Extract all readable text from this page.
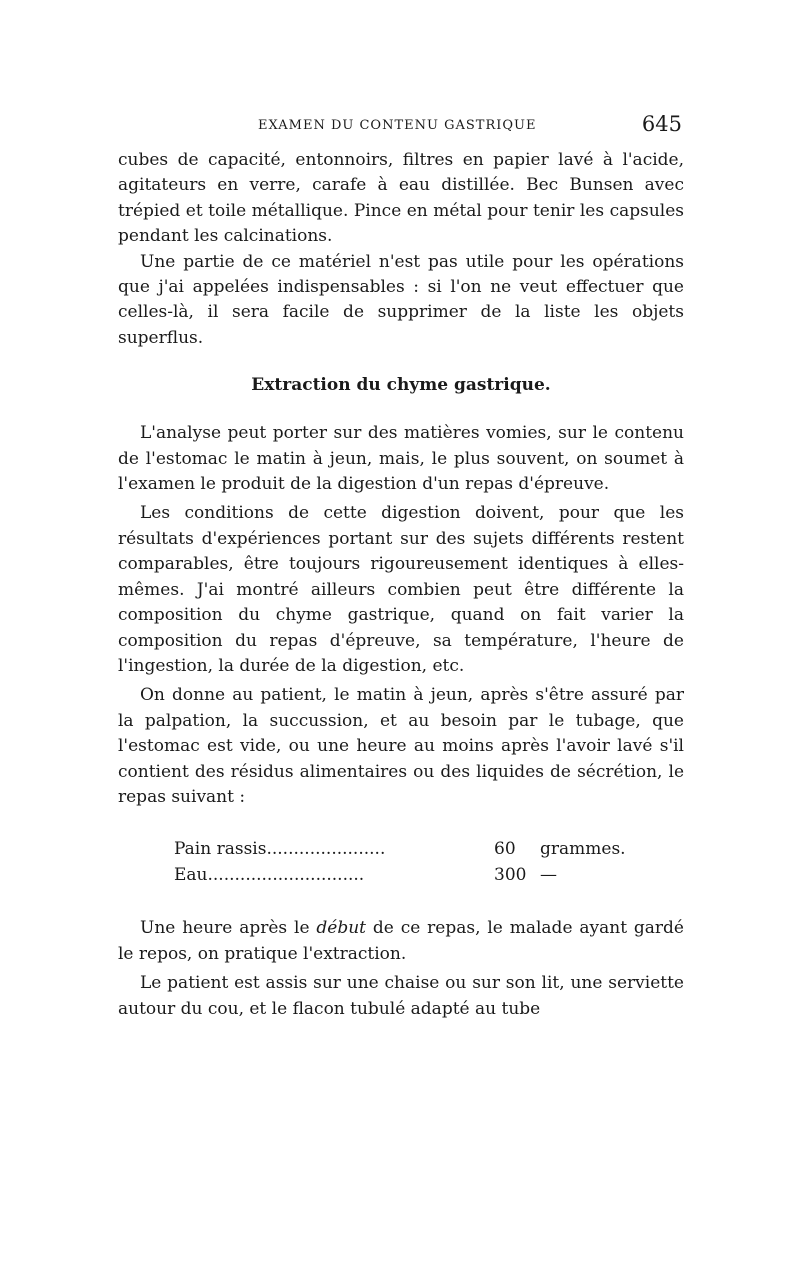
EXAMEN DU CONTENU GASTRIQUE	645

cubes de capacité, entonnoirs, filtres en papier lavé à l'acide, agitateurs en verre, carafe à eau distillée. Bec Bunsen avec trépied et toile métallique. Pince en métal pour tenir les capsules pendant les calcinations.

Une partie de ce matériel n'est pas utile pour les opérations que j'ai appelées indispensables : si l'on ne veut effectuer que celles-là, il sera facile de supprimer de la liste les objets superflus.

Extraction du chyme gastrique.

L'analyse peut porter sur des matières vomies, sur le contenu de l'estomac le matin à jeun, mais, le plus souvent, on soumet à l'examen le produit de la digestion d'un repas d'épreuve.

Les conditions de cette digestion doivent, pour que les résultats d'expériences portant sur des sujets différents restent comparables, être toujours rigoureusement identiques à elles-mêmes. J'ai montré ailleurs combien peut être différente la composition du chyme gastrique, quand on fait varier la composition du repas d'épreuve, sa température, l'heure de l'ingestion, la durée de la digestion, etc.

On donne au patient, le matin à jeun, après s'être assuré par la palpation, la succussion, et au besoin par le tubage, que l'estomac est vide, ou une heure au moins après l'avoir lavé s'il contient des résidus alimentaires ou des liquides de sécrétion, le repas suivant :

Pain rassis......................	60	grammes.
Eau.............................	300 —

Une heure après le début de ce repas, le malade ayant gardé le repos, on pratique l'extraction.

Le patient est assis sur une chaise ou sur son lit, une serviette autour du cou, et le flacon tubulé adapté au tube
